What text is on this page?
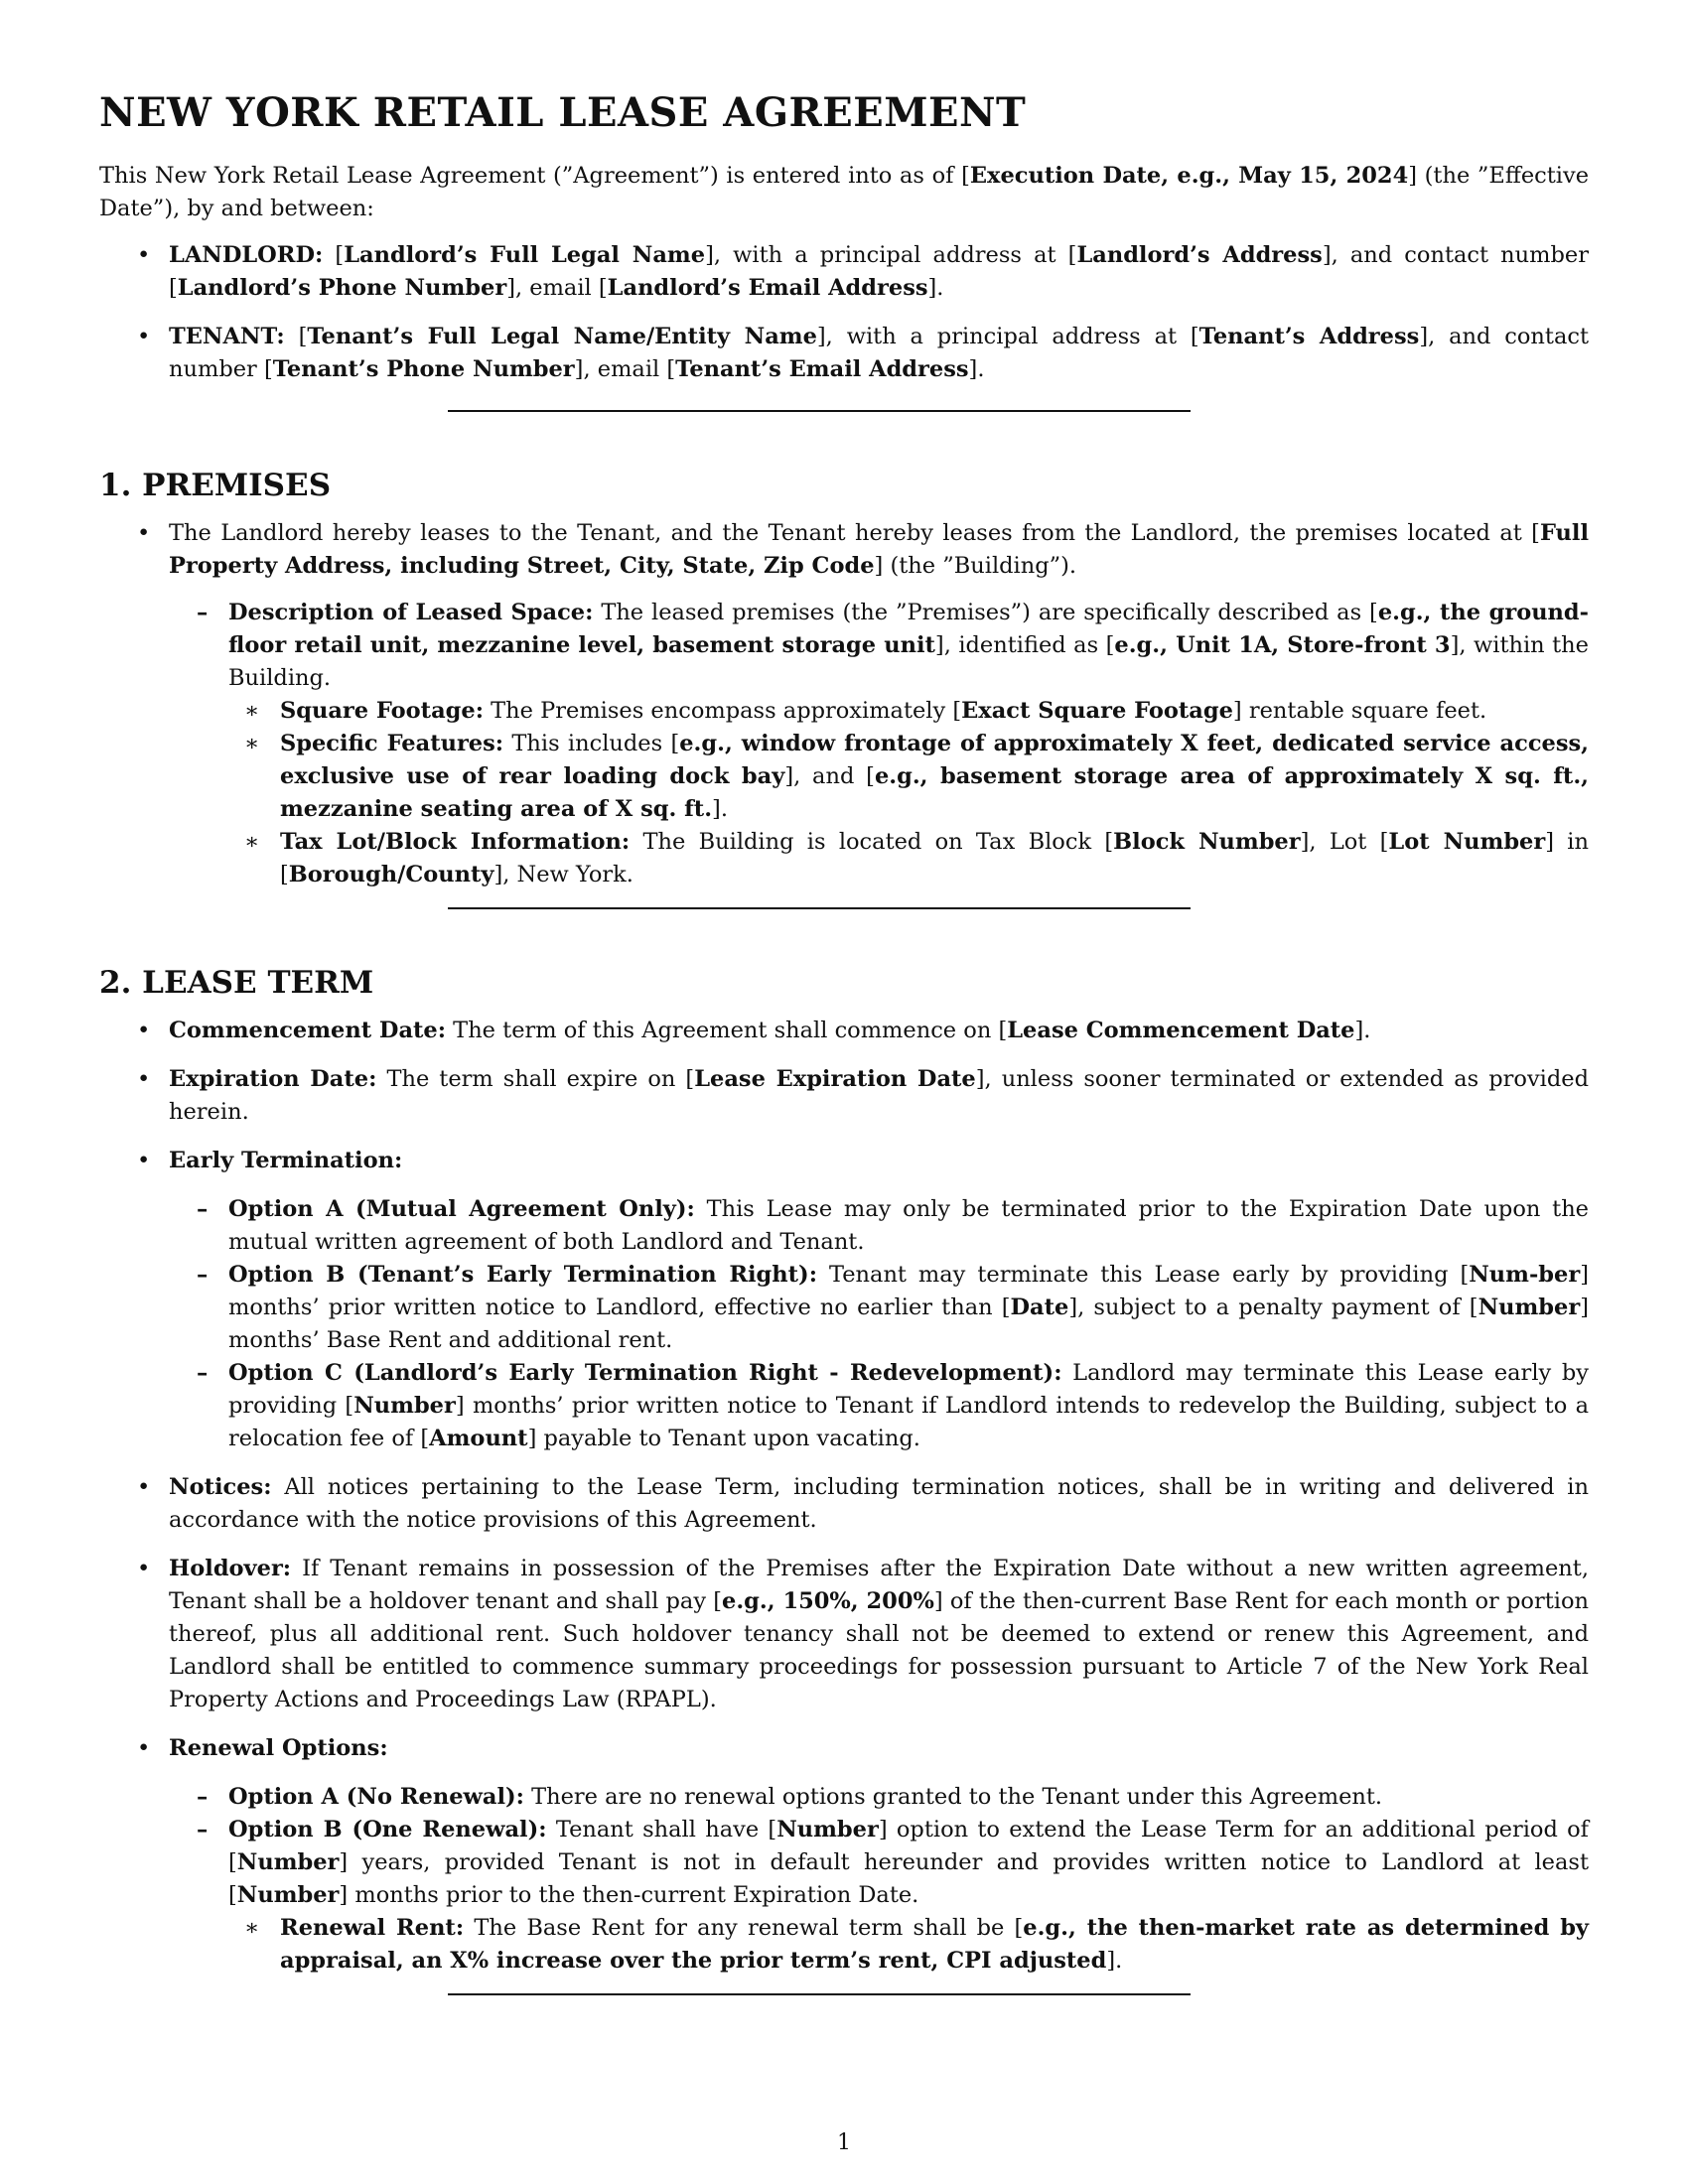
NEW YORK RETAIL LEASE AGREEMENT

This New York Retail Lease Agreement (”Agreement”) is entered into as of [Execution Date, e.g., May 15, 2024] (the ”Effective Date”), by and between:

• LANDLORD: [Landlord’s Full Legal Name], with a principal address at [Landlord’s Address], and contact number [Landlord’s Phone Number], email [Landlord’s Email Address].
• TENANT: [Tenant’s Full Legal Name/Entity Name], with a principal address at [Tenant’s Address], and contact number [Tenant’s Phone Number], email [Tenant’s Email Address].
1. PREMISES
• The Landlord hereby leases to the Tenant, and the Tenant hereby leases from the Landlord, the premises located at [Full Property Address, including Street, City, State, Zip Code] (the ”Building”).
– Description of Leased Space: The leased premises (the ”Premises”) are specifically described as [e.g., the ground-floor retail unit, mezzanine level, basement storage unit], identified as [e.g., Unit 1A, Store-front 3], within the Building.
∗ Square Footage: The Premises encompass approximately [Exact Square Footage] rentable square feet.
∗ Specific Features: This includes [e.g., window frontage of approximately X feet, dedicated service access, exclusive use of rear loading dock bay], and [e.g., basement storage area of approximately X sq. ft., mezzanine seating area of X sq. ft.].
∗ Tax Lot/Block Information: The Building is located on Tax Block [Block Number], Lot [Lot Number] in [Borough/County], New York.
2. LEASE TERM
• Commencement Date: The term of this Agreement shall commence on [Lease Commencement Date].
• Expiration Date: The term shall expire on [Lease Expiration Date], unless sooner terminated or extended as provided herein.
• Early Termination:
– Option A (Mutual Agreement Only): This Lease may only be terminated prior to the Expiration Date upon the mutual written agreement of both Landlord and Tenant.
– Option B (Tenant’s Early Termination Right): Tenant may terminate this Lease early by providing [Num-ber] months’ prior written notice to Landlord, effective no earlier than [Date], subject to a penalty payment of [Number] months’ Base Rent and additional rent.
– Option C (Landlord’s Early Termination Right - Redevelopment): Landlord may terminate this Lease early by providing [Number] months’ prior written notice to Tenant if Landlord intends to redevelop the Building, subject to a relocation fee of [Amount] payable to Tenant upon vacating.
• Notices: All notices pertaining to the Lease Term, including termination notices, shall be in writing and delivered in accordance with the notice provisions of this Agreement.
• Holdover: If Tenant remains in possession of the Premises after the Expiration Date without a new written agreement, Tenant shall be a holdover tenant and shall pay [e.g., 150%, 200%] of the then-current Base Rent for each month or portion thereof, plus all additional rent. Such holdover tenancy shall not be deemed to extend or renew this Agreement, and Landlord shall be entitled to commence summary proceedings for possession pursuant to Article 7 of the New York Real Property Actions and Proceedings Law (RPAPL).
• Renewal Options:
– Option A (No Renewal): There are no renewal options granted to the Tenant under this Agreement.
– Option B (One Renewal): Tenant shall have [Number] option to extend the Lease Term for an additional period of [Number] years, provided Tenant is not in default hereunder and provides written notice to Landlord at least [Number] months prior to the then-current Expiration Date.
∗ Renewal Rent: The Base Rent for any renewal term shall be [e.g., the then-market rate as determined by appraisal, an X% increase over the prior term’s rent, CPI adjusted].
1
